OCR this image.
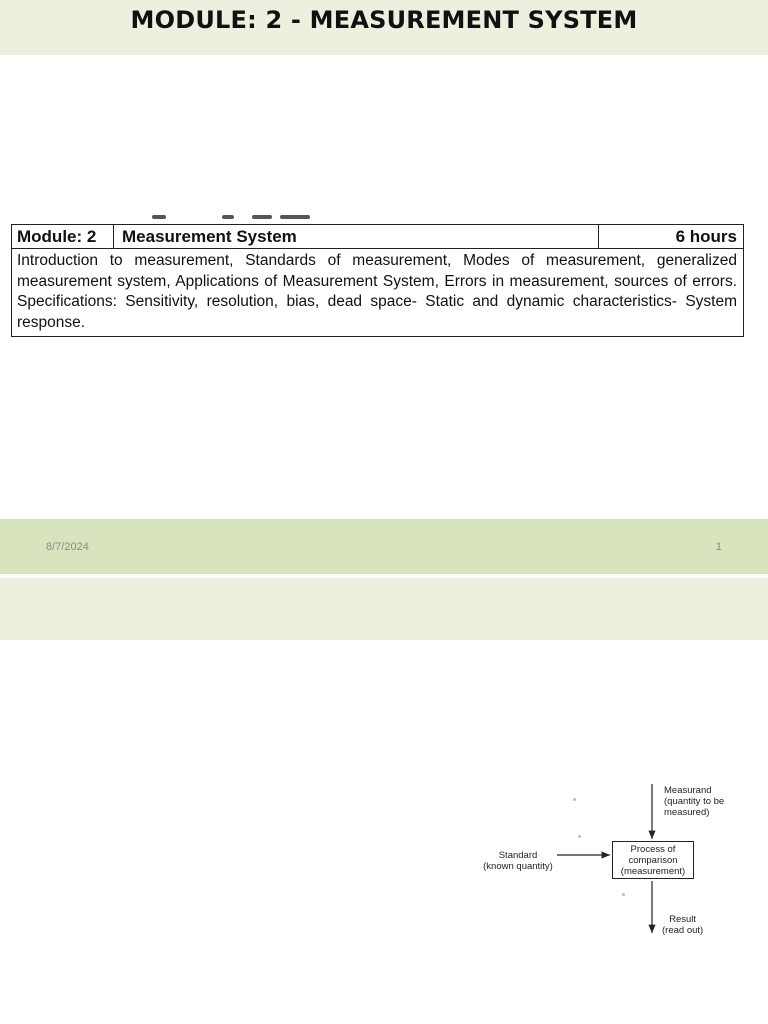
MODULE: 2 - MEASUREMENT SYSTEM
Module: 2	Measurement System	6 hours
Introduction to measurement, Standards of measurement, Modes of measurement, generalized measurement system, Applications of Measurement System, Errors in measurement, sources of errors. Specifications: Sensitivity, resolution, bias, dead space- Static and dynamic characteristics- System response.
8/7/2024	1
Measurand
(quantity to be
measured)
Standard
(known quantity)
Process of
comparison
(measurement)
Result
(read out)
